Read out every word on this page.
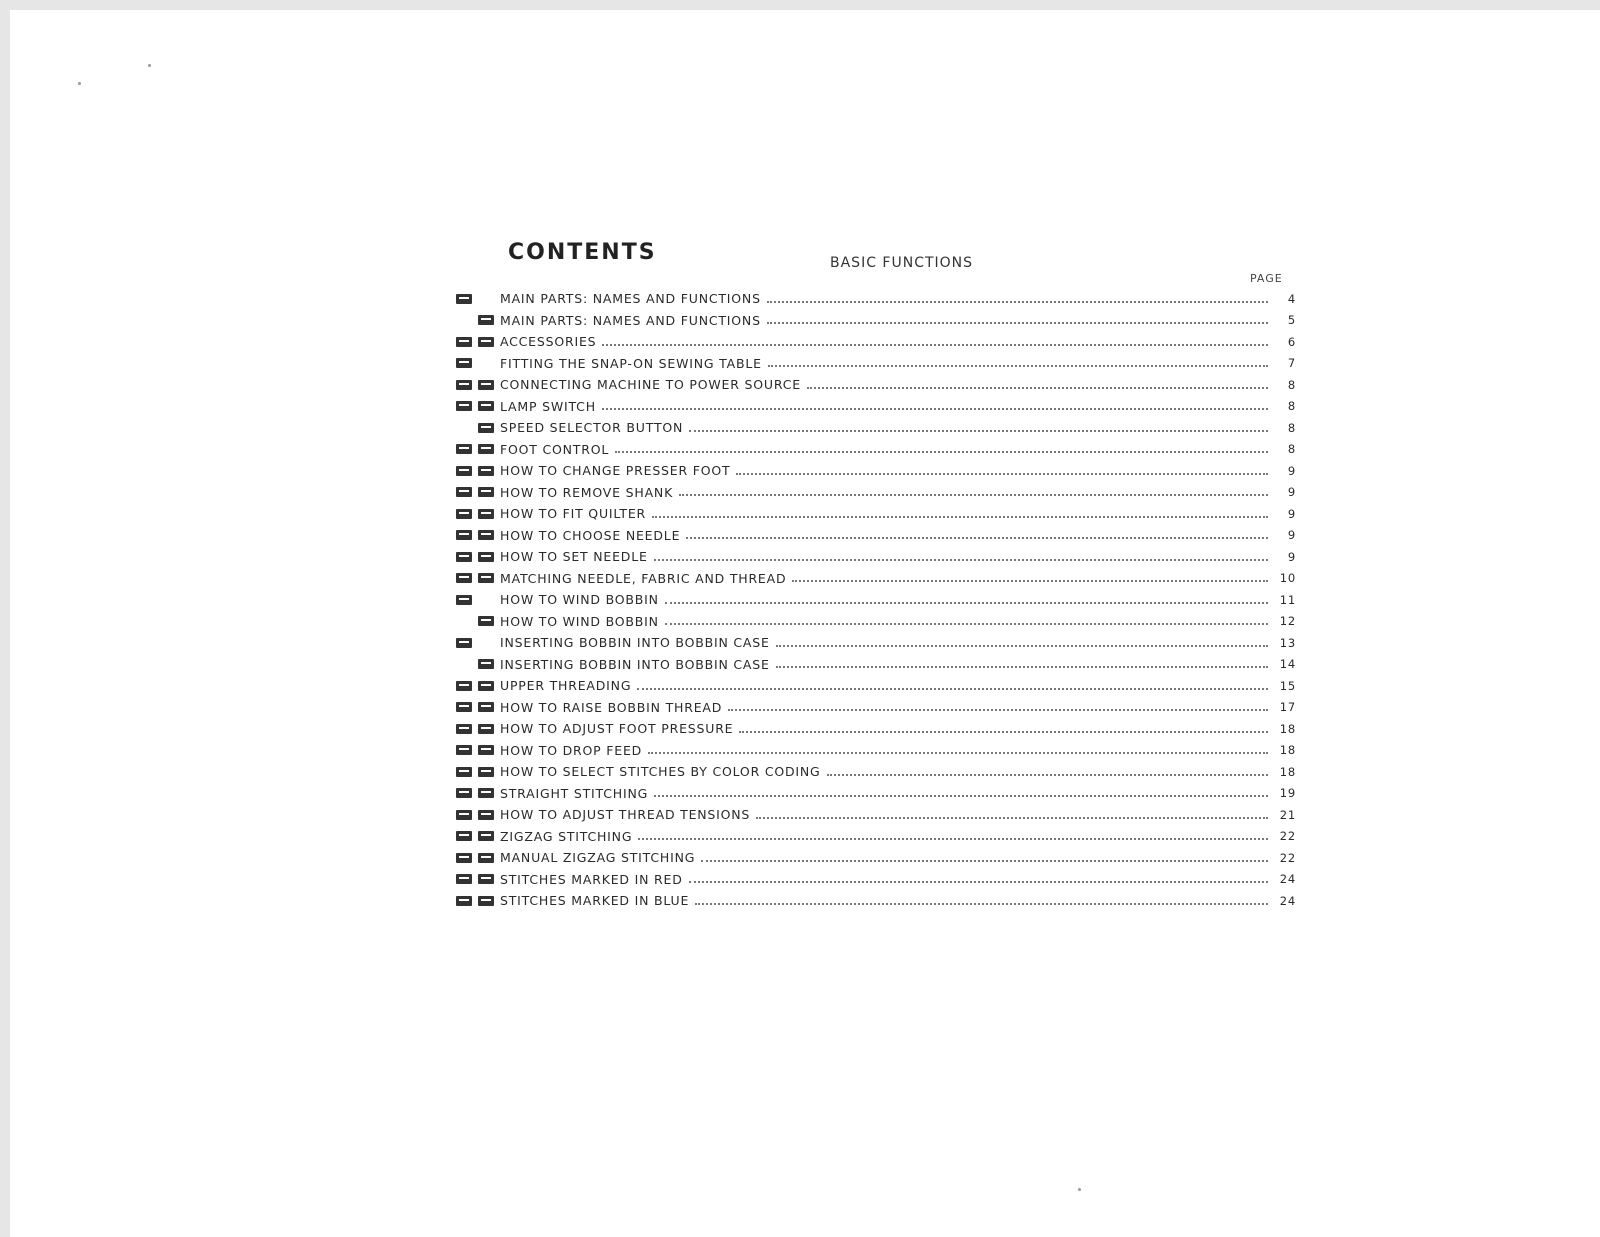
CONTENTS	BASIC FUNCTIONS
PAGE
MAIN PARTS: NAMES AND FUNCTIONS	4
MAIN PARTS: NAMES AND FUNCTIONS	5
ACCESSORIES	6
FITTING THE SNAP-ON SEWING TABLE	7
CONNECTING MACHINE TO POWER SOURCE	8
LAMP SWITCH	8
SPEED SELECTOR BUTTON	8
FOOT CONTROL	8
HOW TO CHANGE PRESSER FOOT	9
HOW TO REMOVE SHANK	9
HOW TO FIT QUILTER	9
HOW TO CHOOSE NEEDLE	9
HOW TO SET NEEDLE	9
MATCHING NEEDLE, FABRIC AND THREAD	10
HOW TO WIND BOBBIN	11
HOW TO WIND BOBBIN	12
INSERTING BOBBIN INTO BOBBIN CASE	13
INSERTING BOBBIN INTO BOBBIN CASE	14
UPPER THREADING	15
HOW TO RAISE BOBBIN THREAD	17
HOW TO ADJUST FOOT PRESSURE	18
HOW TO DROP FEED	18
HOW TO SELECT STITCHES BY COLOR CODING	18
STRAIGHT STITCHING	19
HOW TO ADJUST THREAD TENSIONS	21
ZIGZAG STITCHING	22
MANUAL ZIGZAG STITCHING	22
STITCHES MARKED IN RED	24
STITCHES MARKED IN BLUE	24
